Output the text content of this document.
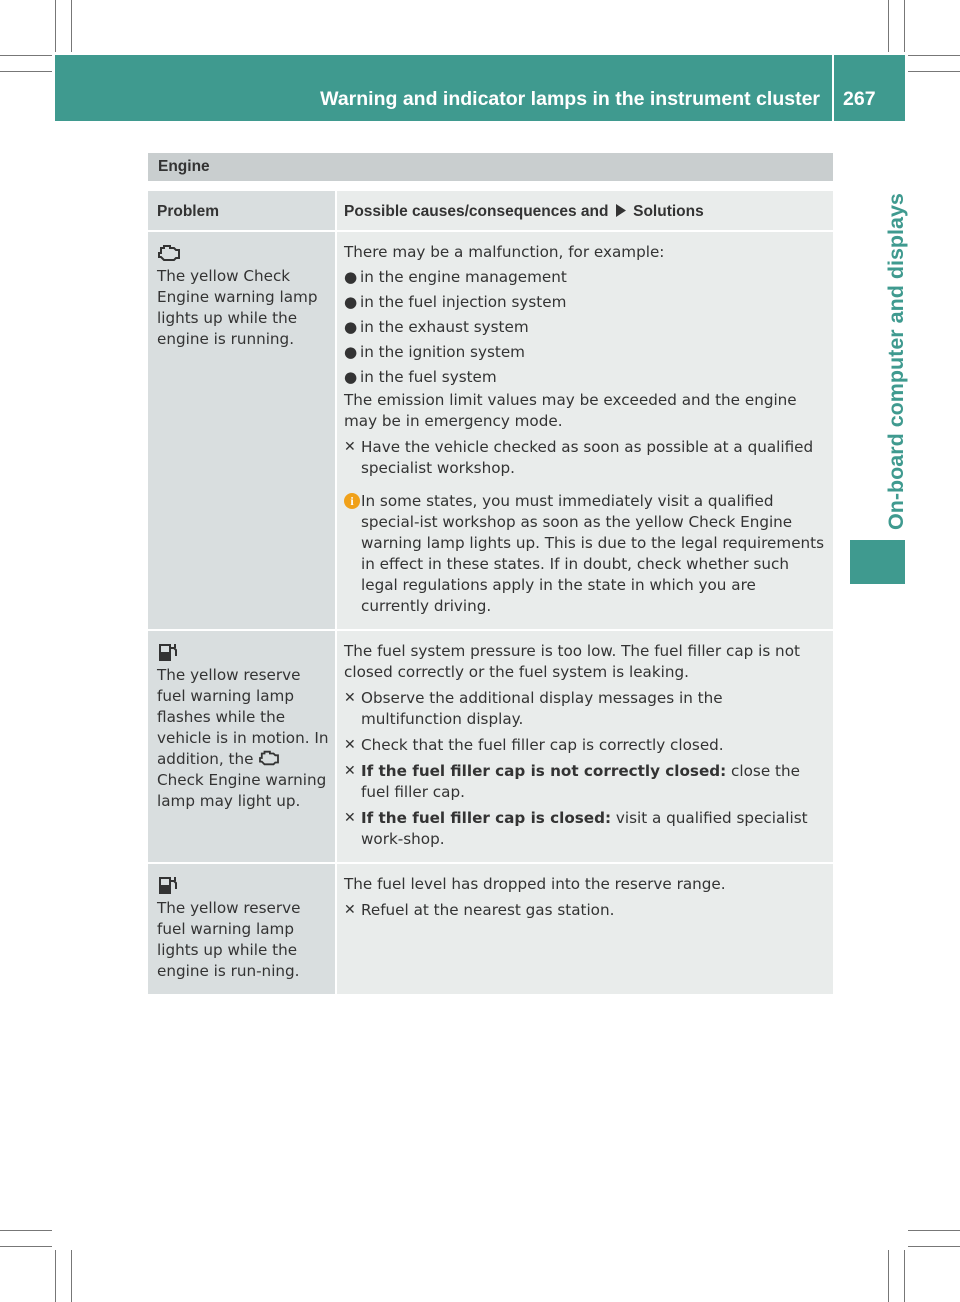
Warning and indicator lamps in the instrument cluster 267
On-board computer and displays
Engine
Problem	Possible causes/consequences and Solutions
The yellow Check Engine warning lamp lights up while the engine is running.
There may be a malfunction, for example:
● in the engine management
● in the fuel injection system
● in the exhaust system
● in the ignition system
● in the fuel system
The emission limit values may be exceeded and the engine may be in emergency mode.
✕ Have the vehicle checked as soon as possible at a qualified specialist workshop.
i In some states, you must immediately visit a qualified special-ist workshop as soon as the yellow Check Engine warning lamp lights up. This is due to the legal requirements in effect in these states. If in doubt, check whether such legal regulations apply in the state in which you are currently driving.
The yellow reserve fuel warning lamp flashes while the vehicle is in motion. In addition, the  Check Engine warning lamp may light up.
The fuel system pressure is too low. The fuel filler cap is not closed correctly or the fuel system is leaking.
✕ Observe the additional display messages in the multifunction display.
✕ Check that the fuel filler cap is correctly closed.
✕ If the fuel filler cap is not correctly closed: close the fuel filler cap.
✕ If the fuel filler cap is closed: visit a qualified specialist work-shop.
The yellow reserve fuel warning lamp lights up while the engine is run-ning.
The fuel level has dropped into the reserve range.
✕ Refuel at the nearest gas station.
